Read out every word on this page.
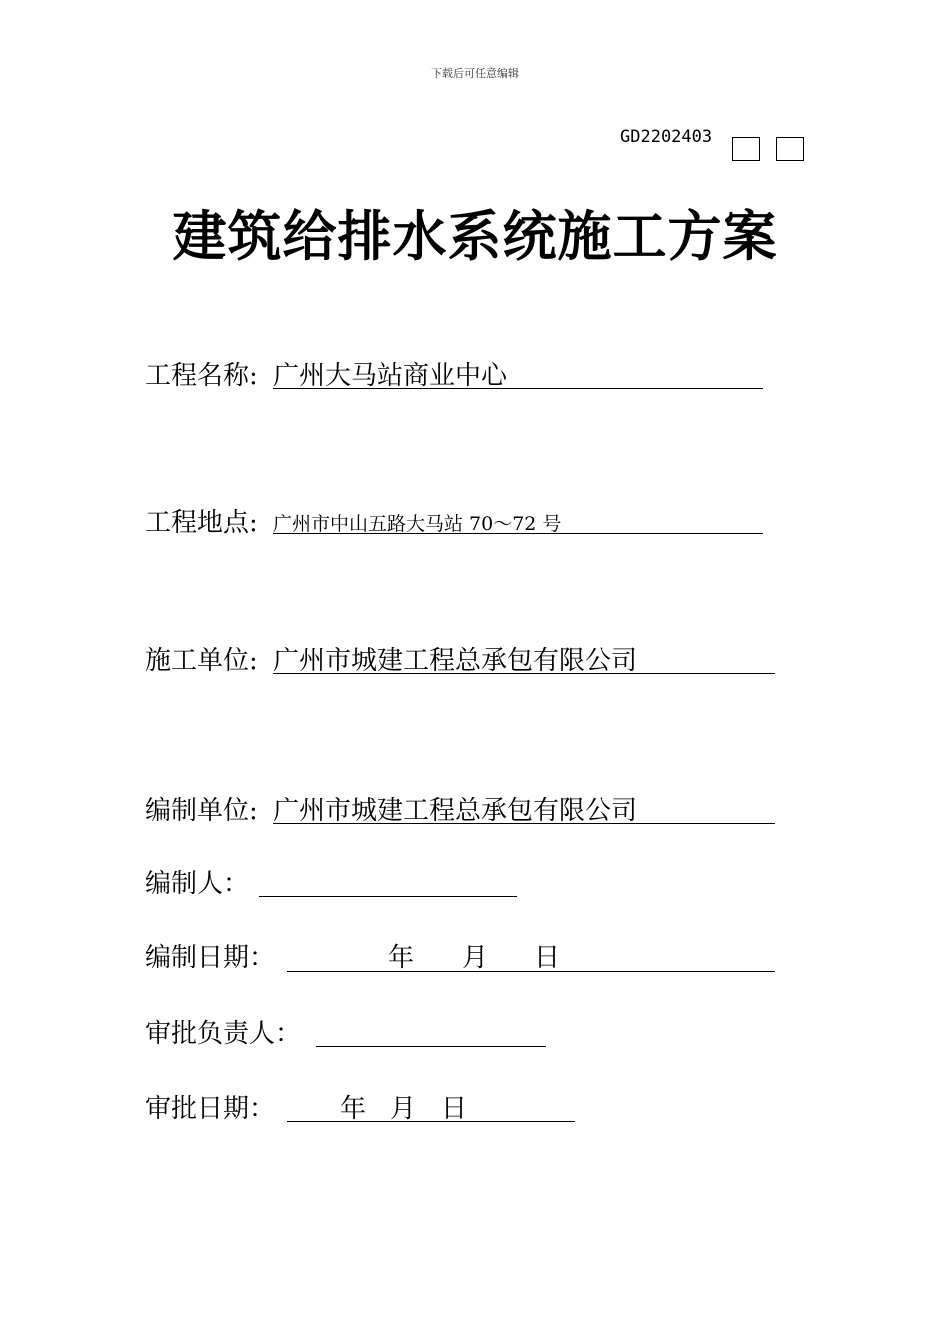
下载后可任意编辑
GD2202403
建筑给排水系统施工方案
工程名称: 广州大马站商业中心
工程地点: 广州市中山五路大马站 70～72 号
施工单位: 广州市城建工程总承包有限公司
编制单位: 广州市城建工程总承包有限公司
编制人：
编制日期：	年 月 日
审批负责人：
审批日期： 年 月 日
